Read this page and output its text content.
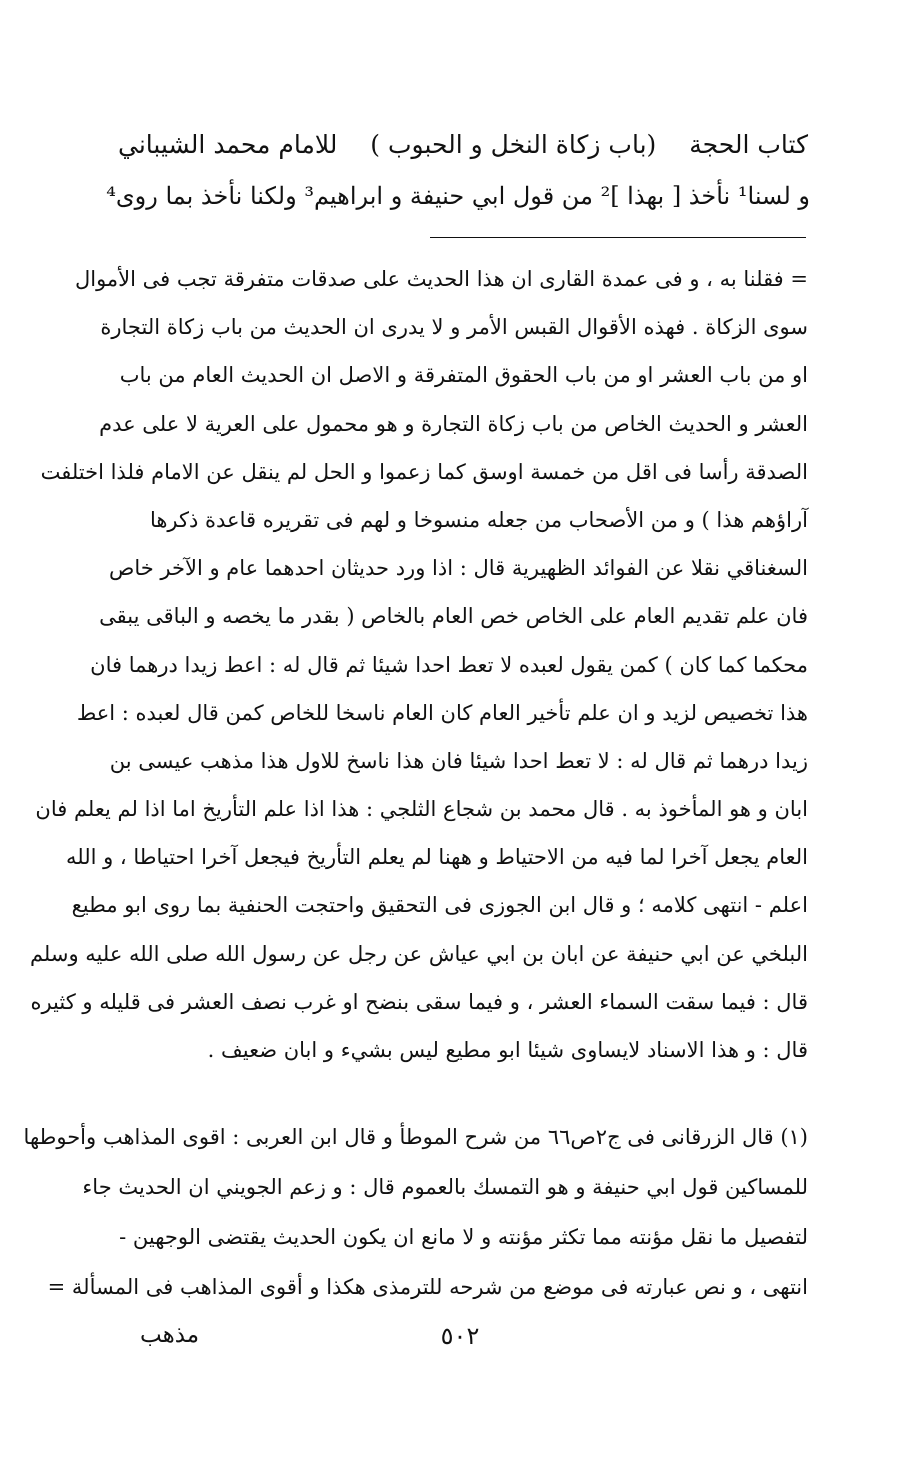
كتاب الحجة
(باب زكاة النخل و الحبوب )
للامام محمد الشيباني
و لسنا¹ نأخذ [ بهذا ]² من قول ابي حنيفة و ابراهيم³ ولكنا نأخذ بما روى⁴
= فقلنا به ، و فى عمدة القارى ان هذا الحديث على صدقات متفرقة تجب فى الأموال
سوى الزكاة . فهذه الأقوال القبس الأمر و لا يدرى ان الحديث من باب زكاة التجارة
او من باب العشر او من باب الحقوق المتفرقة و الاصل ان الحديث العام من باب
العشر و الحديث الخاص من باب زكاة التجارة و هو محمول على العرية لا على عدم
الصدقة رأسا فى اقل من خمسة اوسق كما زعموا و الحل لم ينقل عن الامام فلذا اختلفت
آراؤهم هذا ) و من الأصحاب من جعله منسوخا و لهم فى تقريره قاعدة ذكرها
السغناقي نقلا عن الفوائد الظهيرية قال : اذا ورد حديثان احدهما عام و الآخر خاص
فان علم تقديم العام على الخاص خص العام بالخاص ( بقدر ما يخصه و الباقى يبقى
محكما كما كان ) كمن يقول لعبده لا تعط احدا شيئا ثم قال له : اعط زيدا درهما فان
هذا تخصيص لزيد و ان علم تأخير العام كان العام ناسخا للخاص كمن قال لعبده : اعط
زيدا درهما ثم قال له : لا تعط احدا شيئا فان هذا ناسخ للاول هذا مذهب عيسى بن
ابان و هو المأخوذ به . قال محمد بن شجاع الثلجي : هذا اذا علم التأريخ اما اذا لم يعلم فان
العام يجعل آخرا لما فيه من الاحتياط و ههنا لم يعلم التأريخ فيجعل آخرا احتياطا ، و الله
اعلم - انتهى كلامه ؛ و قال ابن الجوزى فى التحقيق واحتجت الحنفية بما روى ابو مطيع
البلخي عن ابي حنيفة عن ابان بن ابي عياش عن رجل عن رسول الله صلى الله عليه وسلم
قال : فيما سقت السماء العشر ، و فيما سقى بنضح او غرب نصف العشر فى قليله و كثيره
قال : و هذا الاسناد لايساوى شيئا ابو مطيع ليس بشيء و ابان ضعيف .
(١) قال الزرقانى فى ج٢ص٦٦ من شرح الموطأ و قال ابن العربى : اقوى المذاهب وأحوطها
للمساكين قول ابي حنيفة و هو التمسك بالعموم قال : و زعم الجويني ان الحديث جاء
لتفصيل ما نقل مؤنته مما تكثر مؤنته و لا مانع ان يكون الحديث يقتضى الوجهين -
انتهى ، و نص عبارته فى موضع من شرحه للترمذى هكذا و أقوى المذاهب فى المسألة =
٥٠٢
مذهب
